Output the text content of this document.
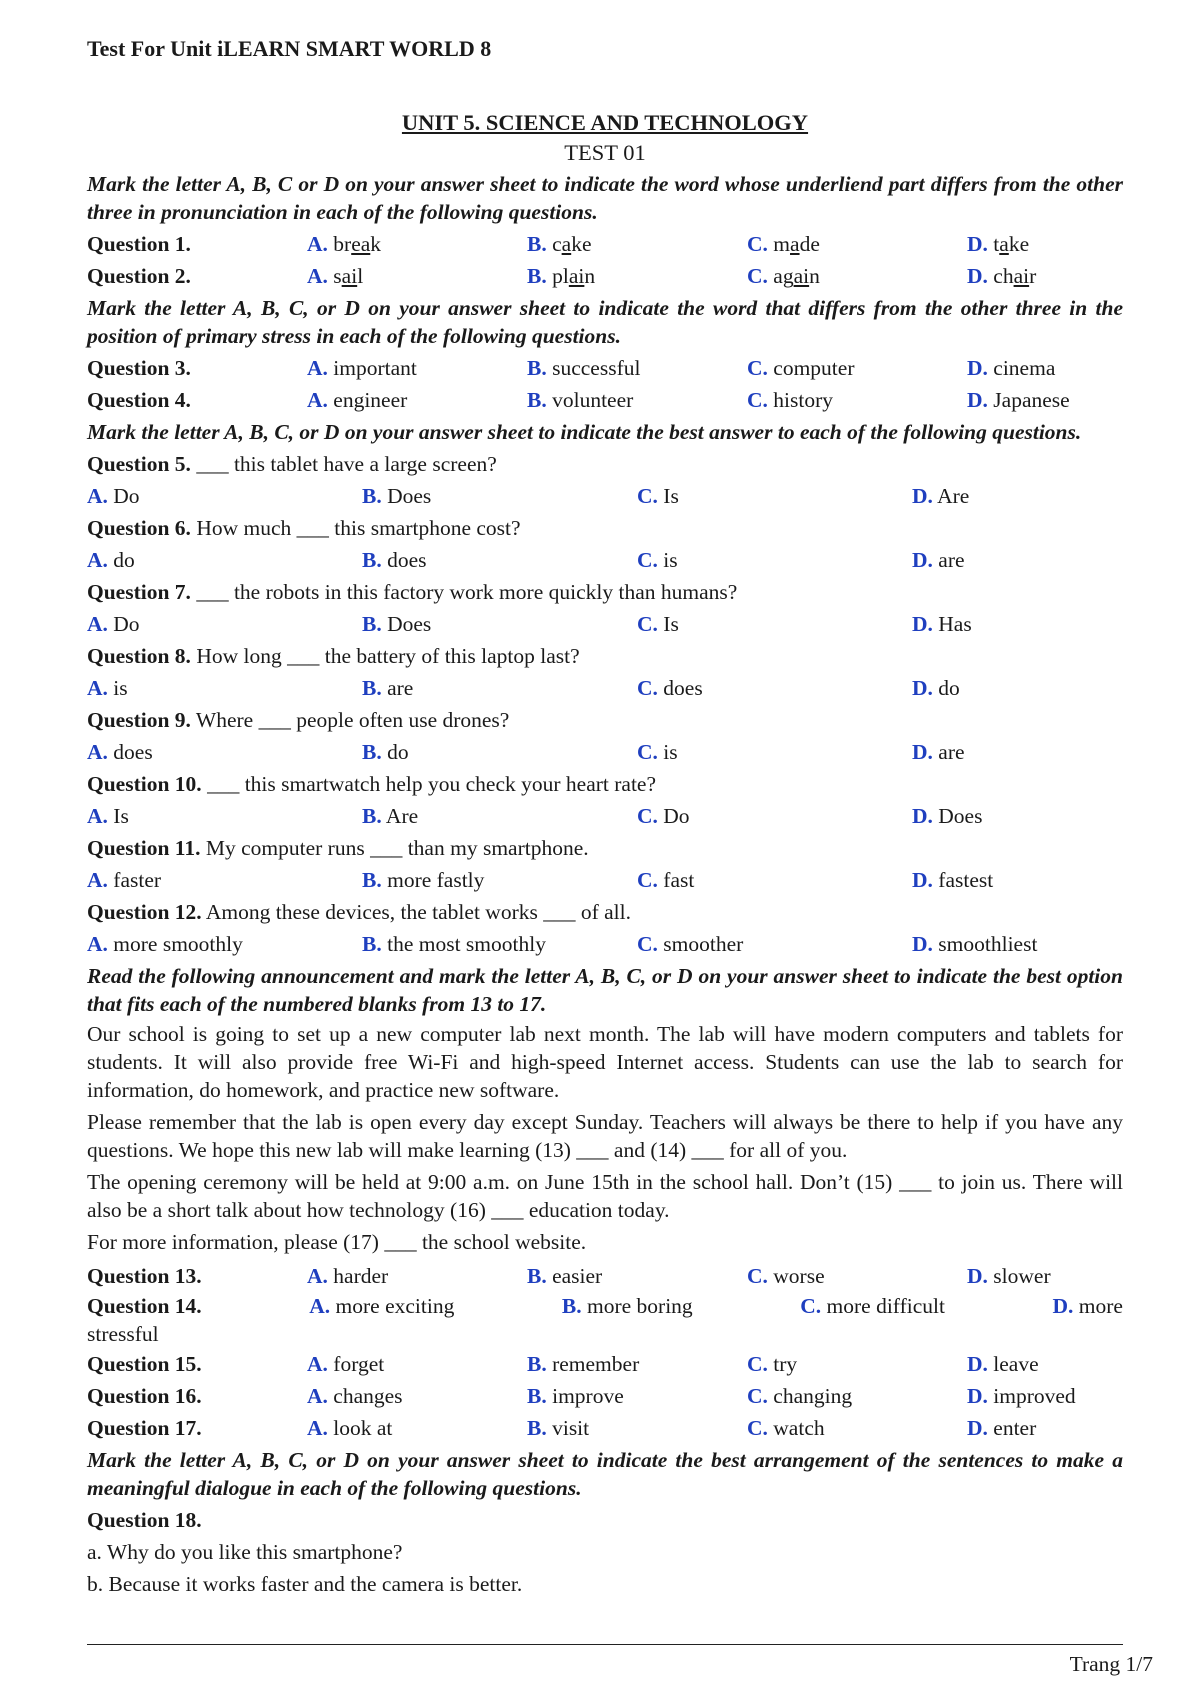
Test For Unit iLEARN SMART WORLD 8
UNIT 5. SCIENCE AND TECHNOLOGY
TEST 01
Mark the letter A, B, C or D on your answer sheet to indicate the word whose underliend part differs from the other three in pronunciation in each of the following questions.
Question 1.	A. break	B. cake	C. made	D. take
Question 2.	A. sail	B. plain	C. again	D. chair
Mark the letter A, B, C, or D on your answer sheet to indicate the word that differs from the other three in the position of primary stress in each of the following questions.
Question 3.	A. important	B. successful	C. computer	D. cinema
Question 4.	A. engineer	B. volunteer	C. history	D. Japanese
Mark the letter A, B, C, or D on your answer sheet to indicate the best answer to each of the following questions.
Question 5. ___ this tablet have a large screen?
A. Do	B. Does	C. Is	D. Are
Question 6. How much ___ this smartphone cost?
A. do	B. does	C. is	D. are
Question 7. ___ the robots in this factory work more quickly than humans?
A. Do	B. Does	C. Is	D. Has
Question 8. How long ___ the battery of this laptop last?
A. is	B. are	C. does	D. do
Question 9. Where ___ people often use drones?
A. does	B. do	C. is	D. are
Question 10. ___ this smartwatch help you check your heart rate?
A. Is	B. Are	C. Do	D. Does
Question 11. My computer runs ___ than my smartphone.
A. faster	B. more fastly	C. fast	D. fastest
Question 12. Among these devices, the tablet works ___ of all.
A. more smoothly	B. the most smoothly	C. smoother	D. smoothliest
Read the following announcement and mark the letter A, B, C, or D on your answer sheet to indicate the best option that fits each of the numbered blanks from 13 to 17.

Our school is going to set up a new computer lab next month. The lab will have modern computers and tablets for students. It will also provide free Wi-Fi and high-speed Internet access. Students can use the lab to search for information, do homework, and practice new software.

Please remember that the lab is open every day except Sunday. Teachers will always be there to help if you have any questions. We hope this new lab will make learning (13) ___ and (14) ___ for all of you.

The opening ceremony will be held at 9:00 a.m. on June 15th in the school hall. Don’t (15) ___ to join us. There will also be a short talk about how technology (16) ___ education today.

For more information, please (17) ___ the school website.

Question 13.	A. harder	B. easier	C. worse	D. slower
Question 14.	A. more exciting	B. more boring	C. more difficult	D. more
stressful
Question 15.	A. forget	B. remember	C. try	D. leave
Question 16.	A. changes	B. improve	C. changing	D. improved
Question 17.	A. look at	B. visit	C. watch	D. enter
Mark the letter A, B, C, or D on your answer sheet to indicate the best arrangement of the sentences to make a meaningful dialogue in each of the following questions.
Question 18.
a. Why do you like this smartphone?
b. Because it works faster and the camera is better.
Trang 1/7
